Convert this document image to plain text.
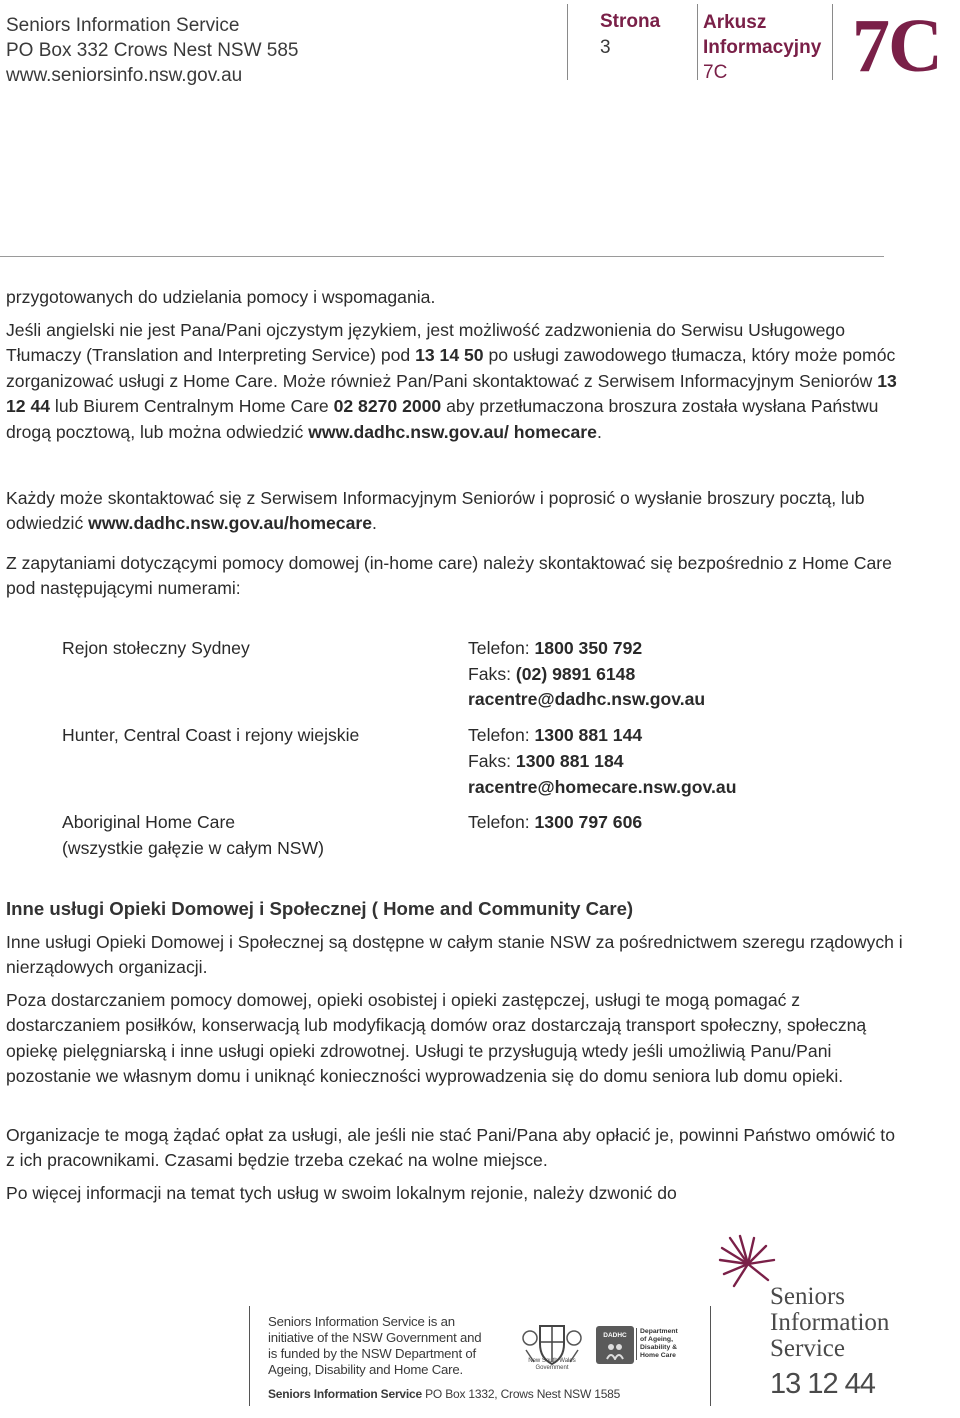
Seniors Information Service
PO Box 332 Crows Nest NSW 585
www.seniorsinfo.nsw.gov.au
Strona
3
Arkusz
Informacyjny
7C 7C
przygotowanych do udzielania pomocy i wspomagania.
Jeśli angielski nie jest Pana/Pani ojczystym językiem, jest możliwość zadzwonienia do Serwisu Usługowego Tłumaczy (Translation and Interpreting Service) pod 13 14 50 po usługi zawodowego tłumacza, który może pomóc zorganizować usługi z Home Care. Może również Pan/Pani skontaktować z Serwisem Informacyjnym Seniorów 13 12 44 lub Biurem Centralnym Home Care 02 8270 2000 aby przetłumaczona broszura została wysłana Państwu drogą pocztową, lub można odwiedzić www.dadhc.nsw.gov.au/ homecare.
Każdy może skontaktować się z Serwisem Informacyjnym Seniorów i poprosić o wysłanie broszury pocztą, lub odwiedzić www.dadhc.nsw.gov.au/homecare.
Z zapytaniami dotyczącymi pomocy domowej (in-home care) należy skontaktować się bezpośrednio z Home Care pod następującymi numerami:
Rejon stołeczny Sydney	Telefon: 1800 350 792
Faks: (02) 9891 6148
racentre@dadhc.nsw.gov.au
Hunter, Central Coast i rejony wiejskie	Telefon: 1300 881 144
Faks: 1300 881 184
racentre@homecare.nsw.gov.au
Aboriginal Home Care
(wszystkie gałęzie w całym NSW)
Telefon: 1300 797 606
Inne usługi Opieki Domowej i Społecznej ( Home and Community Care)
Inne usługi Opieki Domowej i Społecznej są dostępne w całym stanie NSW za pośrednictwem szeregu rządowych i nierządowych organizacji.
Poza dostarczaniem pomocy domowej, opieki osobistej i opieki zastępczej, usługi te mogą pomagać z dostarczaniem posiłków, konserwacją lub modyfikacją domów oraz dostarczają transport społeczny, społeczną opiekę pielęgniarską i inne usługi opieki zdrowotnej. Usługi te przysługują wtedy jeśli umożliwią Panu/Pani pozostanie we własnym domu i uniknąć konieczności wyprowadzenia się do domu seniora lub domu opieki.
Organizacje te mogą żądać opłat za usługi, ale jeśli nie stać Pani/Pana aby opłacić je, powinni Państwo omówić to z ich pracownikami. Czasami będzie trzeba czekać na wolne miejsce.
Po więcej informacji na temat tych usług w swoim lokalnym rejonie, należy dzwonić do
Seniors Information Service is an
initiative of the NSW Government and
is funded by the NSW Department of
Ageing, Disability and Home Care.
Seniors Information Service PO Box 1332, Crows Nest NSW 1585
New South Wales
Government
DADHC
Department
of Ageing,
Disability &
Home Care
Seniors
Information
Service
13 12 44
